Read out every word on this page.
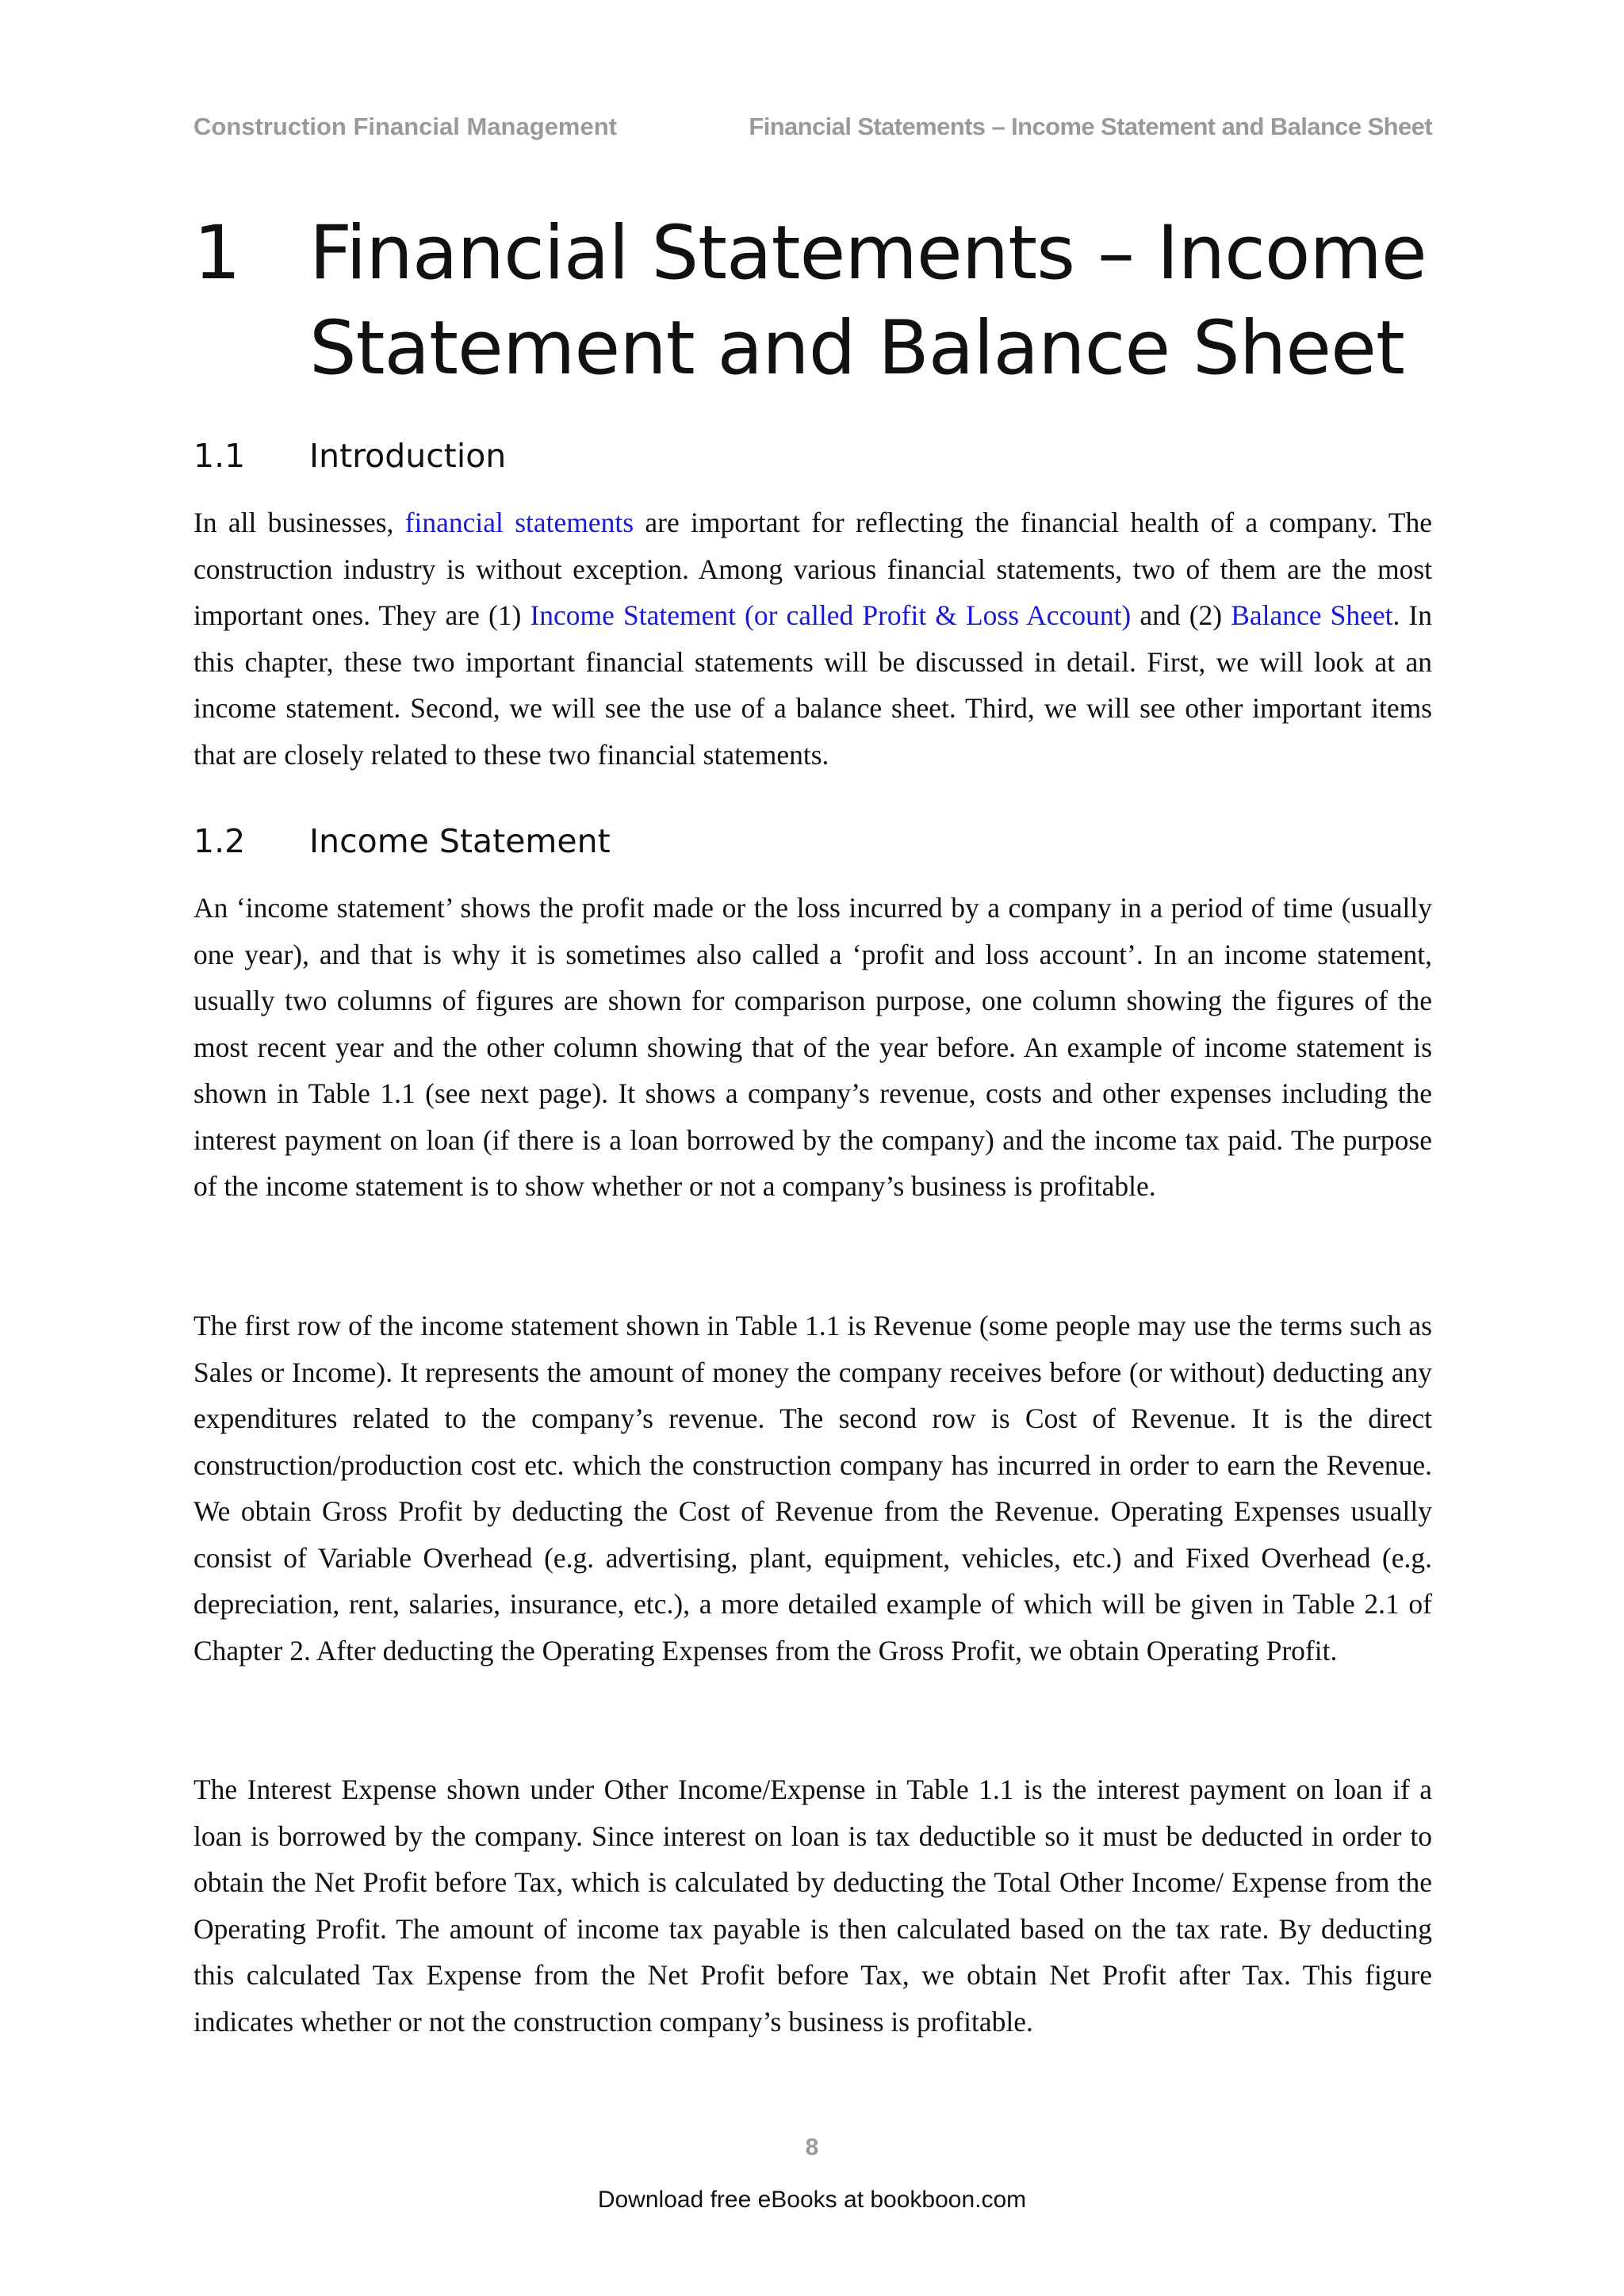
Construction Financial Management	Financial Statements – Income Statement and Balance Sheet
1 Financial Statements – Income Statement and Balance Sheet
1.1 Introduction

In all businesses, financial statements are important for reflecting the financial health of a company. The construction industry is without exception. Among various financial statements, two of them are the most important ones. They are (1) Income Statement (or called Profit & Loss Account) and (2) Balance Sheet. In this chapter, these two important financial statements will be discussed in detail. First, we will look at an income statement. Second, we will see the use of a balance sheet. Third, we will see other important items that are closely related to these two financial statements.

1.2 Income Statement

An ‘income statement’ shows the profit made or the loss incurred by a company in a period of time (usually one year), and that is why it is sometimes also called a ‘profit and loss account’. In an income statement, usually two columns of figures are shown for comparison purpose, one column showing the figures of the most recent year and the other column showing that of the year before. An example of income statement is shown in Table 1.1 (see next page). It shows a company’s revenue, costs and other expenses including the interest payment on loan (if there is a loan borrowed by the company) and the income tax paid. The purpose of the income statement is to show whether or not a company’s business is profitable.

The first row of the income statement shown in Table 1.1 is Revenue (some people may use the terms such as Sales or Income). It represents the amount of money the company receives before (or without) deducting any expenditures related to the company’s revenue. The second row is Cost of Revenue. It is the direct construction/production cost etc. which the construction company has incurred in order to earn the Revenue. We obtain Gross Profit by deducting the Cost of Revenue from the Revenue. Operating Expenses usually consist of Variable Overhead (e.g. advertising, plant, equipment, vehicles, etc.) and Fixed Overhead (e.g. depreciation, rent, salaries, insurance, etc.), a more detailed example of which will be given in Table 2.1 of Chapter 2. After deducting the Operating Expenses from the Gross Profit, we obtain Operating Profit.

The Interest Expense shown under Other Income/Expense in Table 1.1 is the interest payment on loan if a loan is borrowed by the company. Since interest on loan is tax deductible so it must be deducted in order to obtain the Net Profit before Tax, which is calculated by deducting the Total Other Income/ Expense from the Operating Profit. The amount of income tax payable is then calculated based on the tax rate. By deducting this calculated Tax Expense from the Net Profit before Tax, we obtain Net Profit after Tax. This figure indicates whether or not the construction company’s business is profitable.

8
Download free eBooks at bookboon.com
